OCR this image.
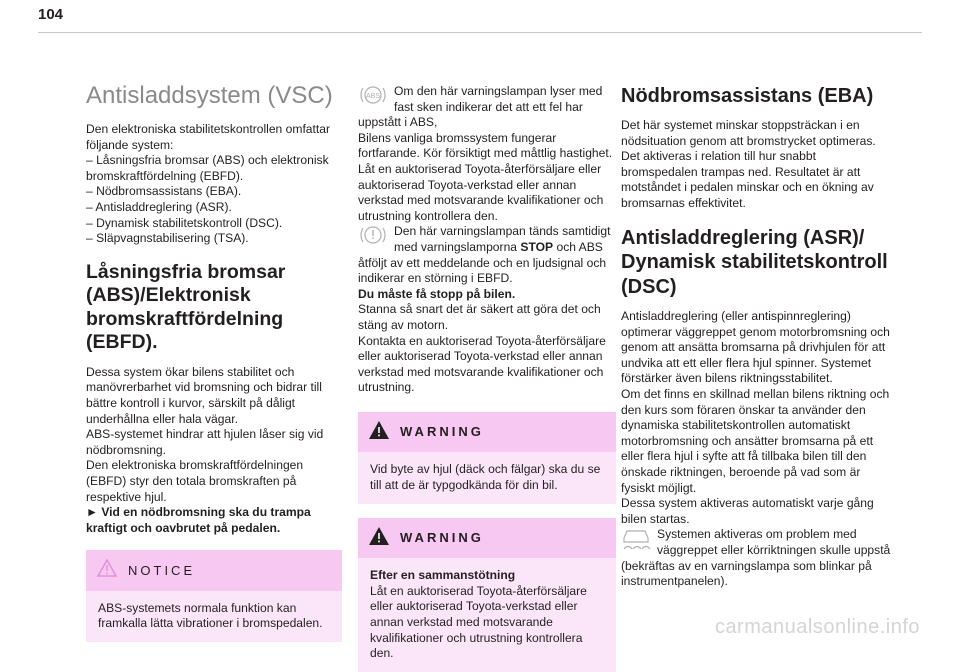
104
Antisladdsystem (VSC)

Den elektroniska stabilitetskontrollen omfattar följande system:

– Låsningsfria bromsar (ABS) och elektronisk bromskraftfördelning (EBFD).

– Nödbromsassistans (EBA).

– Antisladdreglering (ASR).

– Dynamisk stabilitetskontroll (DSC).

– Släpvagnstabilisering (TSA).

Låsningsfria bromsar (ABS)/Elektronisk bromskraftfördelning (EBFD).

Dessa system ökar bilens stabilitet och manövrerbarhet vid bromsning och bidrar till bättre kontroll i kurvor, särskilt på dåligt underhållna eller hala vägar.

ABS-systemet hindrar att hjulen låser sig vid nödbromsning.

Den elektroniska bromskraftfördelningen (EBFD) styr den totala bromskraften på respektive hjul.

► Vid en nödbromsning ska du trampa kraftigt och oavbrutet på pedalen.

NOTICE
ABS-systemets normala funktion kan framkalla lätta vibrationer i bromspedalen.
ABS	Om den här varningslampan lyser med fast sken indikerar det att ett fel har uppstått i ABS,

Bilens vanliga bromssystem fungerar fortfarande. Kör försiktigt med måttlig hastighet.

Låt en auktoriserad Toyota-återförsäljare eller auktoriserad Toyota-verkstad eller annan verkstad med motsvarande kvalifikationer och utrustning kontrollera den.

Den här varningslampan tänds samtidigt med varningslamporna STOP och ABS åtföljt av ett meddelande och en ljudsignal och indikerar en störning i EBFD.

Du måste få stopp på bilen.

Stanna så snart det är säkert att göra det och stäng av motorn.

Kontakta en auktoriserad Toyota-återförsäljare eller auktoriserad Toyota-verkstad eller annan verkstad med motsvarande kvalifikationer och utrustning.

WARNING
Vid byte av hjul (däck och fälgar) ska du se till att de är typgodkända för din bil.
WARNING

Efter en sammanstötning

Låt en auktoriserad Toyota-återförsäljare eller auktoriserad Toyota-verkstad eller annan verkstad med motsvarande kvalifikationer och utrustning kontrollera den.

Nödbromsassistans (EBA)

Det här systemet minskar stoppsträckan i en nödsituation genom att bromstrycket optimeras. Det aktiveras i relation till hur snabbt bromspedalen trampas ned. Resultatet är att motståndet i pedalen minskar och en ökning av bromsarnas effektivitet.

Antisladdreglering (ASR)/ Dynamisk stabilitetskontroll (DSC)

Antisladdreglering (eller antispinnreglering) optimerar väggreppet genom motorbromsning och genom att ansätta bromsarna på drivhjulen för att undvika att ett eller flera hjul spinner. Systemet förstärker även bilens riktningsstabilitet.

Om det finns en skillnad mellan bilens riktning och den kurs som föraren önskar ta använder den dynamiska stabilitetskontrollen automatiskt motorbromsning och ansätter bromsarna på ett eller flera hjul i syfte att få tillbaka bilen till den önskade riktningen, beroende på vad som är fysiskt möjligt.

Dessa system aktiveras automatiskt varje gång bilen startas.

Systemen aktiveras om problem med väggreppet eller körriktningen skulle uppstå (bekräftas av en varningslampa som blinkar på instrumentpanelen).

carmanualsonline.info
